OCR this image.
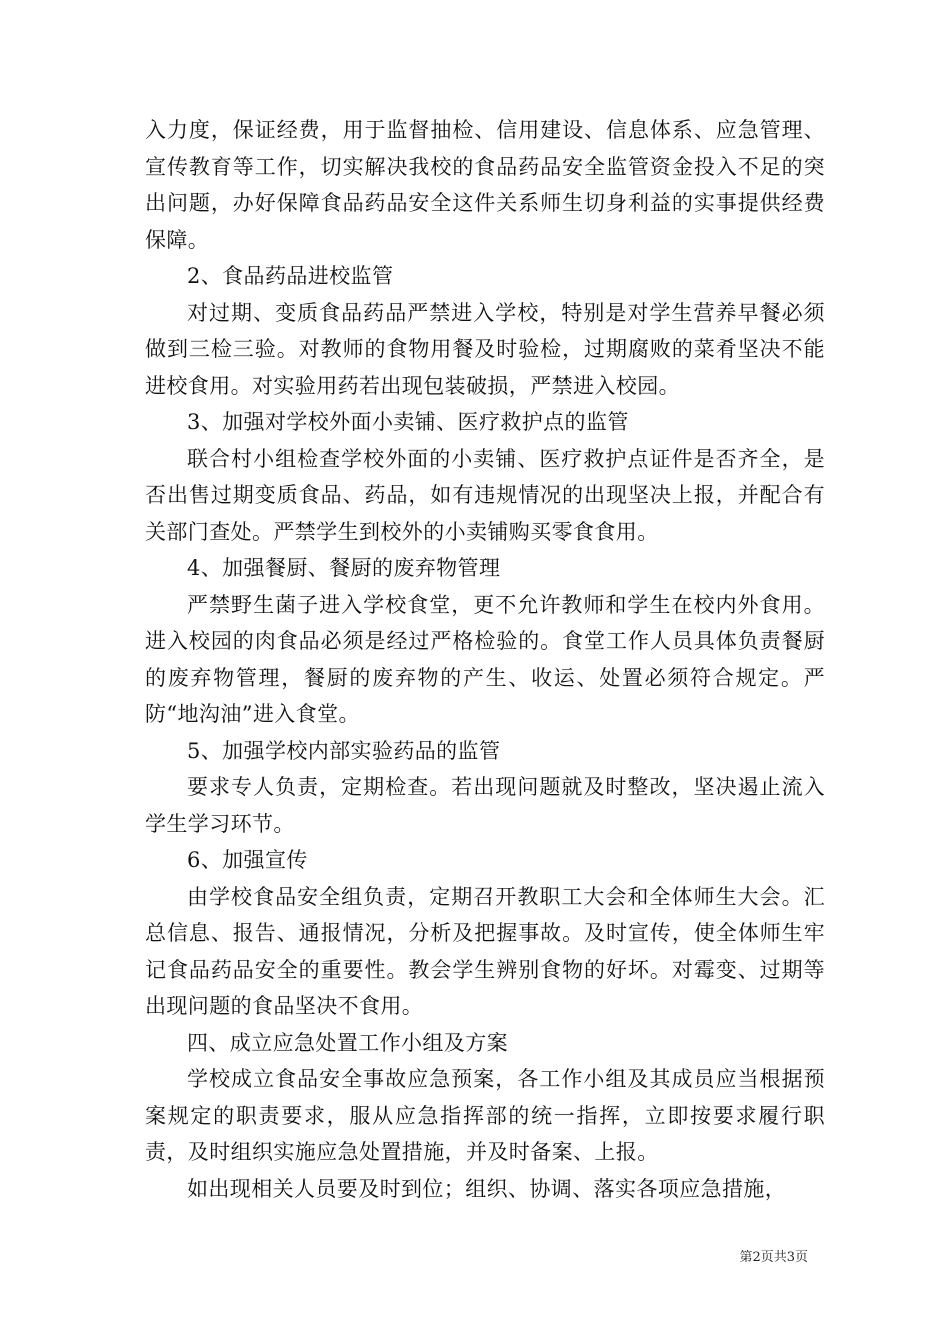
入力度，保证经费，用于监督抽检、信用建设、信息体系、应急管理、宣传教育等工作，切实解决我校的食品药品安全监管资金投入不足的突出问题，办好保障食品药品安全这件关系师生切身利益的实事提供经费保障。

2、食品药品进校监管

对过期、变质食品药品严禁进入学校，特别是对学生营养早餐必须做到三检三验。对教师的食物用餐及时验检，过期腐败的菜肴坚决不能进校食用。对实验用药若出现包装破损，严禁进入校园。

3、加强对学校外面小卖铺、医疗救护点的监管

联合村小组检查学校外面的小卖铺、医疗救护点证件是否齐全，是否出售过期变质食品、药品，如有违规情况的出现坚决上报，并配合有关部门查处。严禁学生到校外的小卖铺购买零食食用。

4、加强餐厨、餐厨的废弃物管理

严禁野生菌子进入学校食堂，更不允许教师和学生在校内外食用。进入校园的肉食品必须是经过严格检验的。食堂工作人员具体负责餐厨的废弃物管理，餐厨的废弃物的产生、收运、处置必须符合规定。严防“地沟油”进入食堂。

5、加强学校内部实验药品的监管

要求专人负责，定期检查。若出现问题就及时整改，坚决遏止流入学生学习环节。

6、加强宣传

由学校食品安全组负责，定期召开教职工大会和全体师生大会。汇总信息、报告、通报情况，分析及把握事故。及时宣传，使全体师生牢记食品药品安全的重要性。教会学生辨别食物的好坏。对霉变、过期等出现问题的食品坚决不食用。

四、成立应急处置工作小组及方案

学校成立食品安全事故应急预案，各工作小组及其成员应当根据预案规定的职责要求，服从应急指挥部的统一指挥，立即按要求履行职责，及时组织实施应急处置措施，并及时备案、上报。

如出现相关人员要及时到位；组织、协调、落实各项应急措施，

第2页共3页
